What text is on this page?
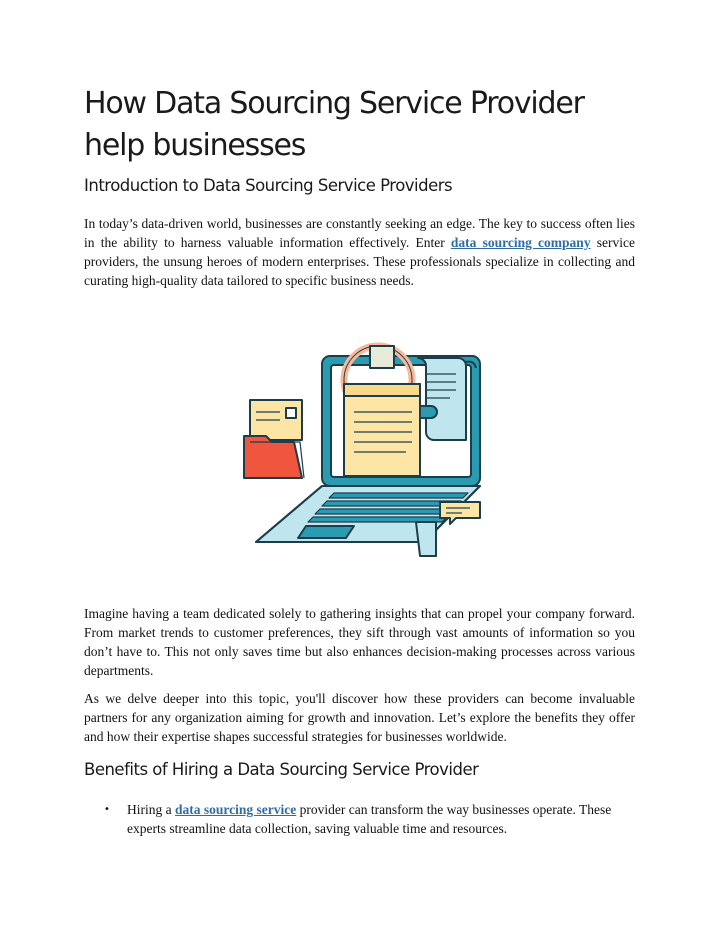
How Data Sourcing Service Provider help businesses
Introduction to Data Sourcing Service Providers

In today’s data-driven world, businesses are constantly seeking an edge. The key to success often lies in the ability to harness valuable information effectively. Enter data sourcing company service providers, the unsung heroes of modern enterprises. These professionals specialize in collecting and curating high-quality data tailored to specific business needs.

Imagine having a team dedicated solely to gathering insights that can propel your company forward. From market trends to customer preferences, they sift through vast amounts of information so you don’t have to. This not only saves time but also enhances decision-making processes across various departments.

As we delve deeper into this topic, you'll discover how these providers can become invaluable partners for any organization aiming for growth and innovation. Let’s explore the benefits they offer and how their expertise shapes successful strategies for businesses worldwide.

Benefits of Hiring a Data Sourcing Service Provider
• Hiring a data sourcing service provider can transform the way businesses operate. These experts streamline data collection, saving valuable time and resources.
